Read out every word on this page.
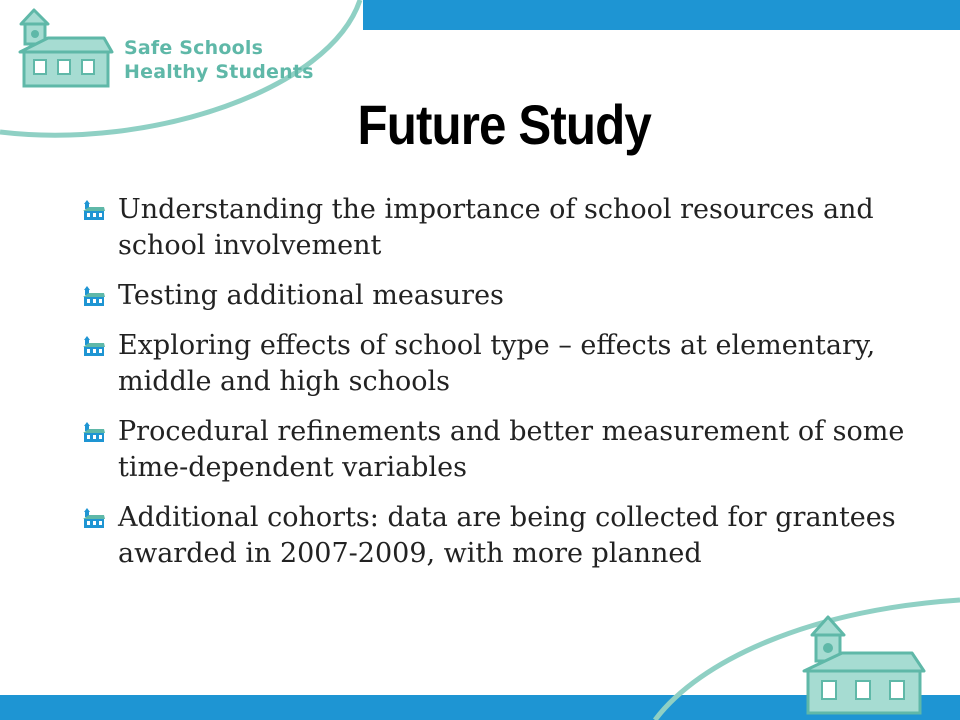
Safe Schools
Healthy Students
Future Study
Understanding the importance of school resources and school involvement
Testing additional measures
Exploring effects of school type – effects at elementary, middle and high schools
Procedural refinements and better measurement of some time-dependent variables
Additional cohorts: data are being collected for grantees awarded in 2007-2009, with more planned
